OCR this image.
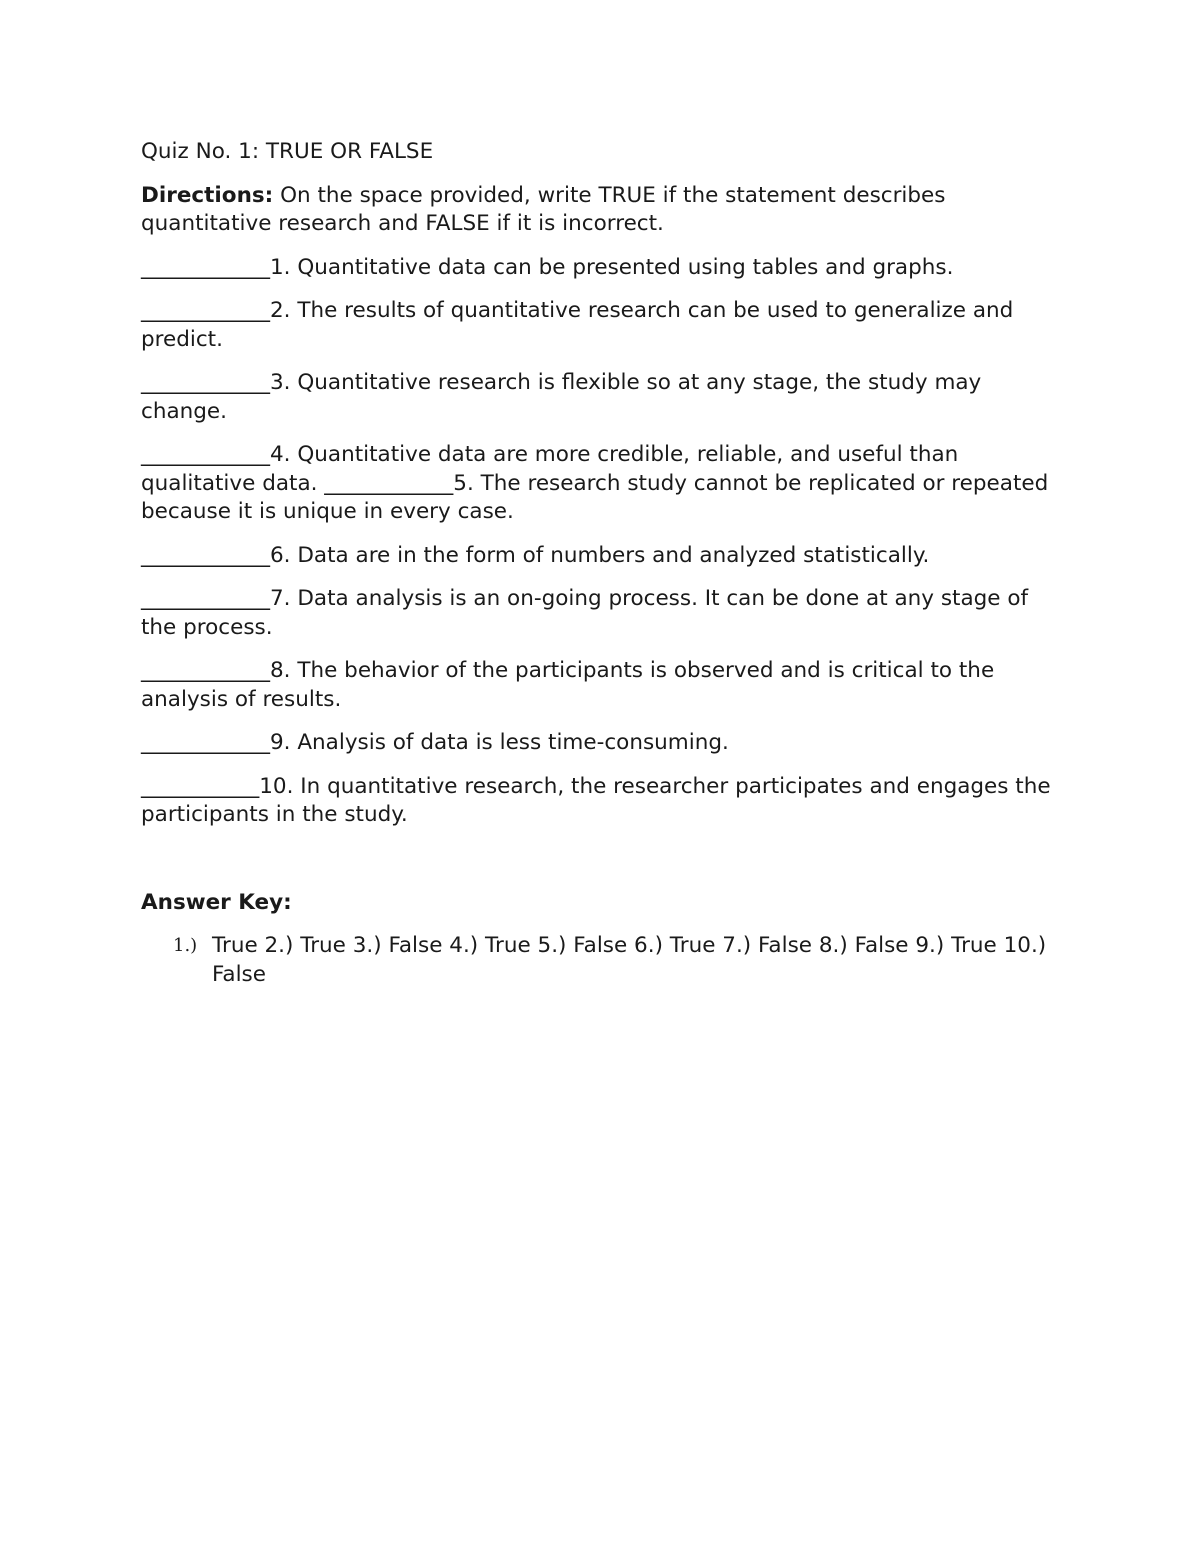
Quiz No. 1: TRUE OR FALSE

Directions: On the space provided, write TRUE if the statement describes quantitative research and FALSE if it is incorrect.

____________1. Quantitative data can be presented using tables and graphs.

____________2. The results of quantitative research can be used to generalize and predict.

____________3. Quantitative research is flexible so at any stage, the study may change.

____________4. Quantitative data are more credible, reliable, and useful than qualitative data. ____________5. The research study cannot be replicated or repeated because it is unique in every case.

____________6. Data are in the form of numbers and analyzed statistically.

____________7. Data analysis is an on-going process. It can be done at any stage of the process.

____________8. The behavior of the participants is observed and is critical to the analysis of results.

____________9. Analysis of data is less time-consuming.

___________10. In quantitative research, the researcher participates and engages the participants in the study.

Answer Key:

1.) True 2.) True 3.) False 4.) True 5.) False 6.) True 7.) False 8.) False 9.) True 10.) False
